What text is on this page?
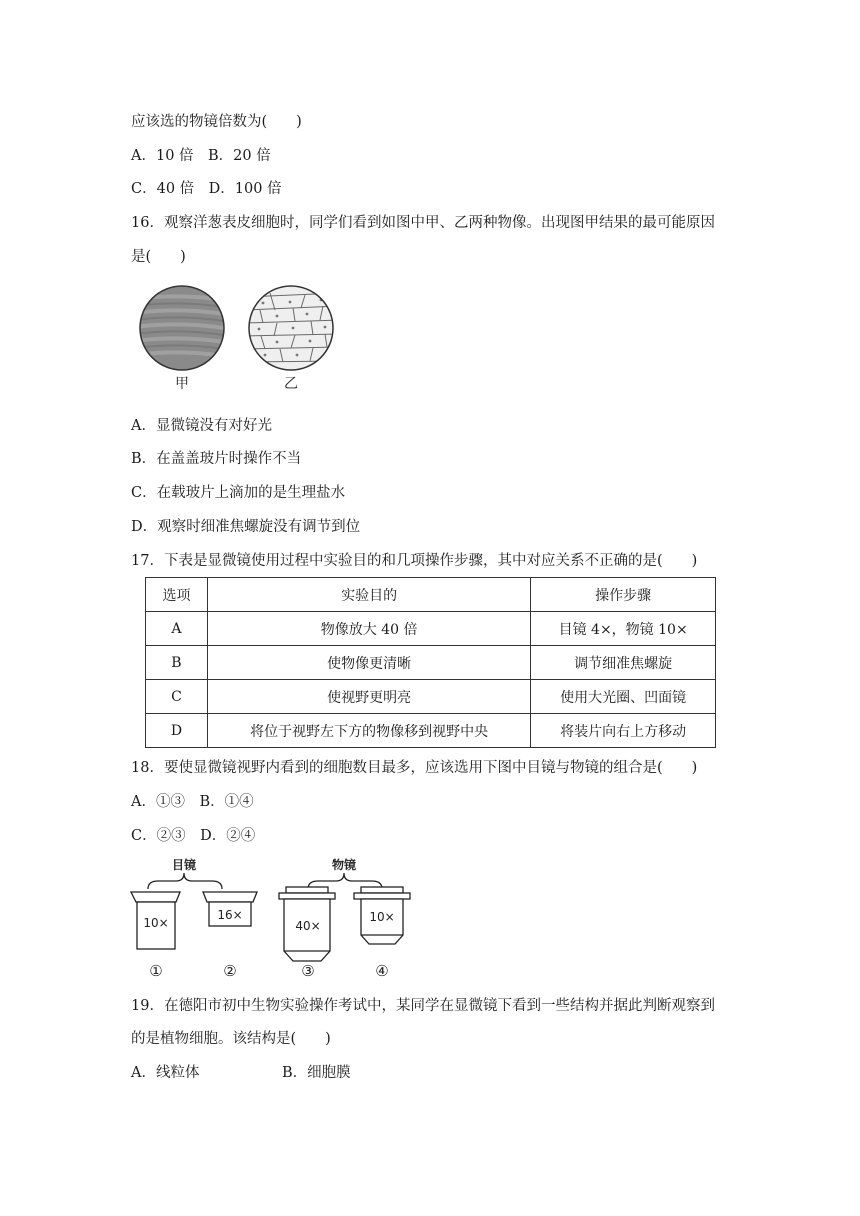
应该选的物镜倍数为(　　)
A．10 倍　B．20 倍
C．40 倍　D．100 倍
16．观察洋葱表皮细胞时，同学们看到如图中甲、乙两种物像。出现图甲结果的最可能原因
是(　　)
甲	乙
A．显微镜没有对好光
B．在盖盖玻片时操作不当
C．在载玻片上滴加的是生理盐水
D．观察时细准焦螺旋没有调节到位
17．下表是显微镜使用过程中实验目的和几项操作步骤，其中对应关系不正确的是(　　)
选项	实验目的	操作步骤
A	物像放大 40 倍	目镜 4×，物镜 10×
B	使物像更清晰	调节细准焦螺旋
C	使视野更明亮	使用大光圈、凹面镜
D	将位于视野左下方的物像移到视野中央	将装片向右上方移动
18．要使显微镜视野内看到的细胞数目最多，应该选用下图中目镜与物镜的组合是(　　)
A．①③　B．①④
C．②③　D．②④
目镜	物镜
10×
16×
40×
10×
①	②	③	④
19．在德阳市初中生物实验操作考试中，某同学在显微镜下看到一些结构并据此判断观察到
的是植物细胞。该结构是(　　)
A．线粒体	B．细胞膜
